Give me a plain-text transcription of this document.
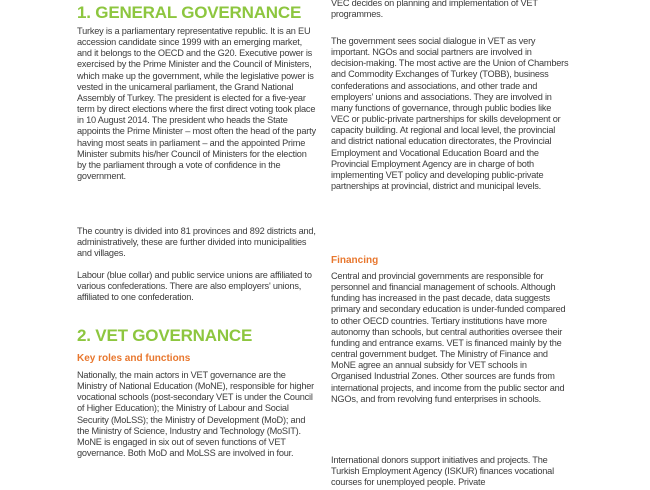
1. GENERAL GOVERNANCE

Turkey is a parliamentary representative republic. It is an EU accession candidate since 1999 with an emerging market, and it belongs to the OECD and the G20. Executive power is exercised by the Prime Minister and the Council of Ministers, which make up the government, while the legislative power is vested in the unicameral parliament, the Grand National Assembly of Turkey. The president is elected for a five-year term by direct elections where the first direct voting took place in 10 August 2014. The president who heads the State appoints the Prime Minister – most often the head of the party having most seats in parliament – and the appointed Prime Minister submits his/her Council of Ministers for the election by the parliament through a vote of confidence in the government.

The country is divided into 81 provinces and 892 districts and, administratively, these are further divided into municipalities and villages.

Labour (blue collar) and public service unions are affiliated to various confederations. There are also employers' unions, affiliated to one confederation.

2. VET GOVERNANCE
Key roles and functions

Nationally, the main actors in VET governance are the Ministry of National Education (MoNE), responsible for higher vocational schools (post-secondary VET is under the Council of Higher Education); the Ministry of Labour and Social Security (MoLSS); the Ministry of Development (MoD); and the Ministry of Science, Industry and Technology (MoSIT). MoNE is engaged in six out of seven functions of VET governance. Both MoD and MoLSS are involved in four.

VEC decides on planning and implementation of VET programmes.

The government sees social dialogue in VET as very important. NGOs and social partners are involved in decision-making. The most active are the Union of Chambers and Commodity Exchanges of Turkey (TOBB), business confederations and associations, and other trade and employers' unions and associations. They are involved in many functions of governance, through public bodies like VEC or public-private partnerships for skills development or capacity building. At regional and local level, the provincial and district national education directorates, the Provincial Employment and Vocational Education Board and the Provincial Employment Agency are in charge of both implementing VET policy and developing public-private partnerships at provincial, district and municipal levels.

Financing

Central and provincial governments are responsible for personnel and financial management of schools. Although funding has increased in the past decade, data suggests primary and secondary education is under-funded compared to other OECD countries. Tertiary institutions have more autonomy than schools, but central authorities oversee their funding and entrance exams. VET is financed mainly by the central government budget. The Ministry of Finance and MoNE agree an annual subsidy for VET schools in Organised Industrial Zones. Other sources are funds from international projects, and income from the public sector and NGOs, and from revolving fund enterprises in schools.

International donors support initiatives and projects. The Turkish Employment Agency (ISKUR) finances vocational courses for unemployed people. Private
